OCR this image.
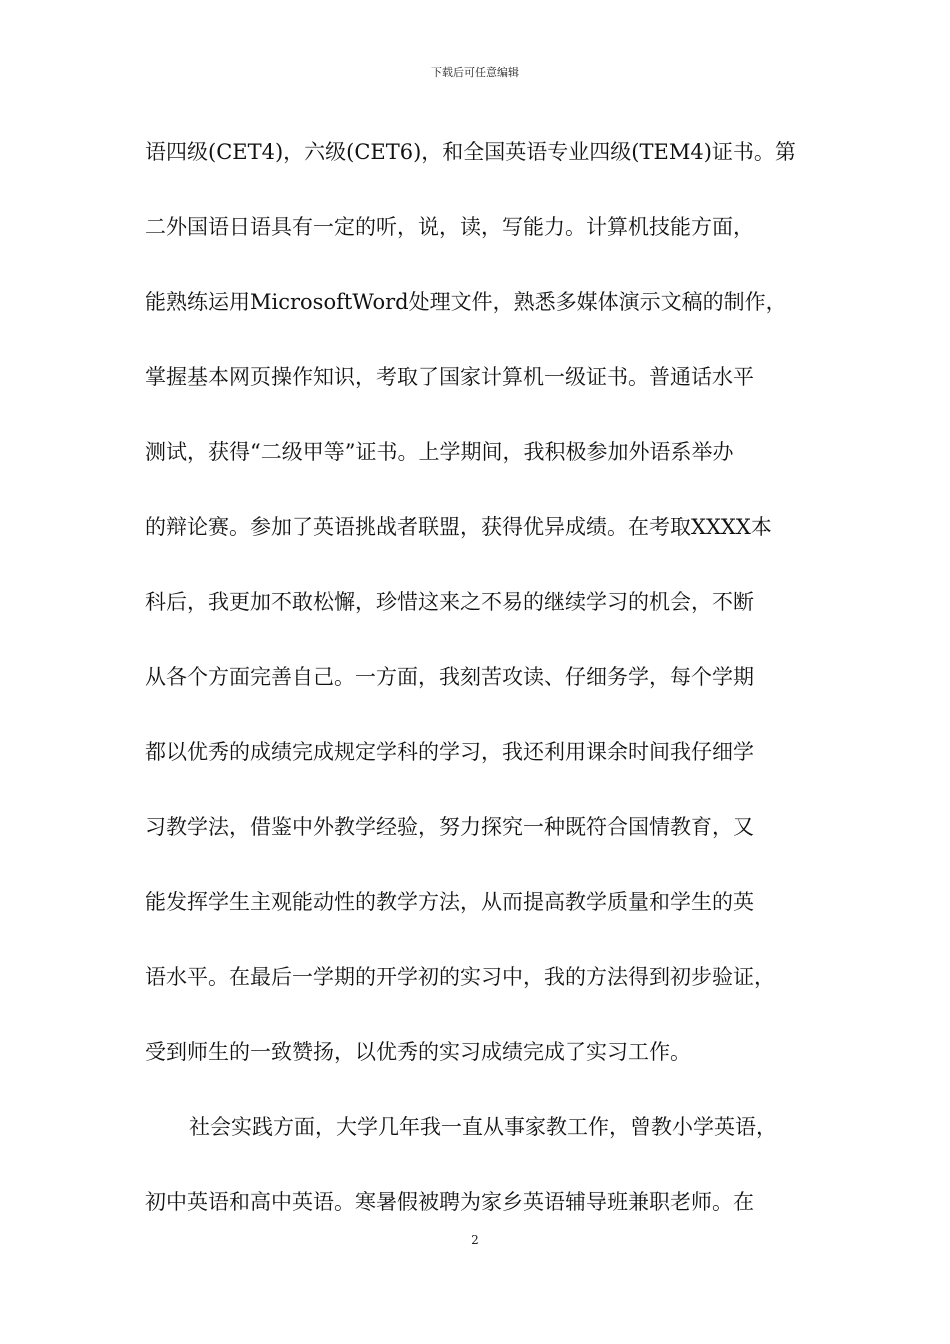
下载后可任意编辑
语四级(CET4)，六级(CET6)，和全国英语专业四级(TEM4)证书。第
二外国语日语具有一定的听，说，读，写能力。计算机技能方面，
能熟练运用MicrosoftWord处理文件，熟悉多媒体演示文稿的制作，
掌握基本网页操作知识，考取了国家计算机一级证书。普通话水平
测试，获得“二级甲等”证书。上学期间，我积极参加外语系举办
的辩论赛。参加了英语挑战者联盟，获得优异成绩。在考取XXXX本
科后，我更加不敢松懈，珍惜这来之不易的继续学习的机会，不断
从各个方面完善自己。一方面，我刻苦攻读、仔细务学，每个学期
都以优秀的成绩完成规定学科的学习，我还利用课余时间我仔细学
习教学法，借鉴中外教学经验，努力探究一种既符合国情教育，又
能发挥学生主观能动性的教学方法，从而提高教学质量和学生的英
语水平。在最后一学期的开学初的实习中，我的方法得到初步验证，
受到师生的一致赞扬，以优秀的实习成绩完成了实习工作。
社会实践方面，大学几年我一直从事家教工作，曾教小学英语，
初中英语和高中英语。寒暑假被聘为家乡英语辅导班兼职老师。在
2
